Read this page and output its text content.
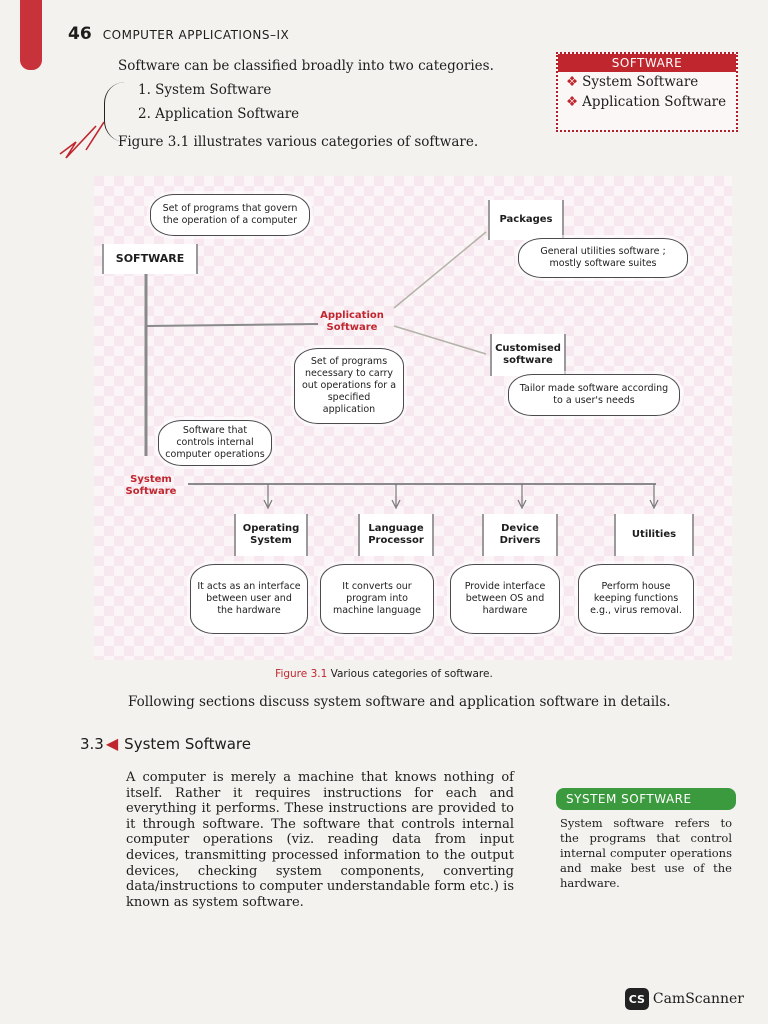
46 COMPUTER APPLICATIONS–IX
Software can be classified broadly into two categories.
1. System Software
2. Application Software
Figure 3.1 illustrates various categories of software.
SOFTWARE
❖ System Software
❖ Application Software
Set of programs that govern the operation of a computer
SOFTWARE
Packages
General utilities software ; mostly software suites
Application Software
Set of programs necessary to carry out operations for a specified application
Customised software
Tailor made software according to a user's needs
Software that controls internal computer operations
System Software
Operating System
Language Processor
Device Drivers
Utilities
It acts as an interface between user and the hardware
It converts our program into machine language
Provide interface between OS and hardware
Perform house keeping functions e.g., virus removal.
Figure 3.1 Various categories of software.
Following sections discuss system software and application software in details.
3.3 ◀ System Software
A computer is merely a machine that knows nothing of itself. Rather it requires instructions for each and everything it performs. These instructions are provided to it through software. The software that controls internal computer operations (viz. reading data from input devices, transmitting processed information to the output devices, checking system components, converting data/instructions to computer understandable form etc.) is known as system software.
SYSTEM SOFTWARE
System software refers to the programs that control internal computer operations and make best use of the hardware.
CS CamScanner
